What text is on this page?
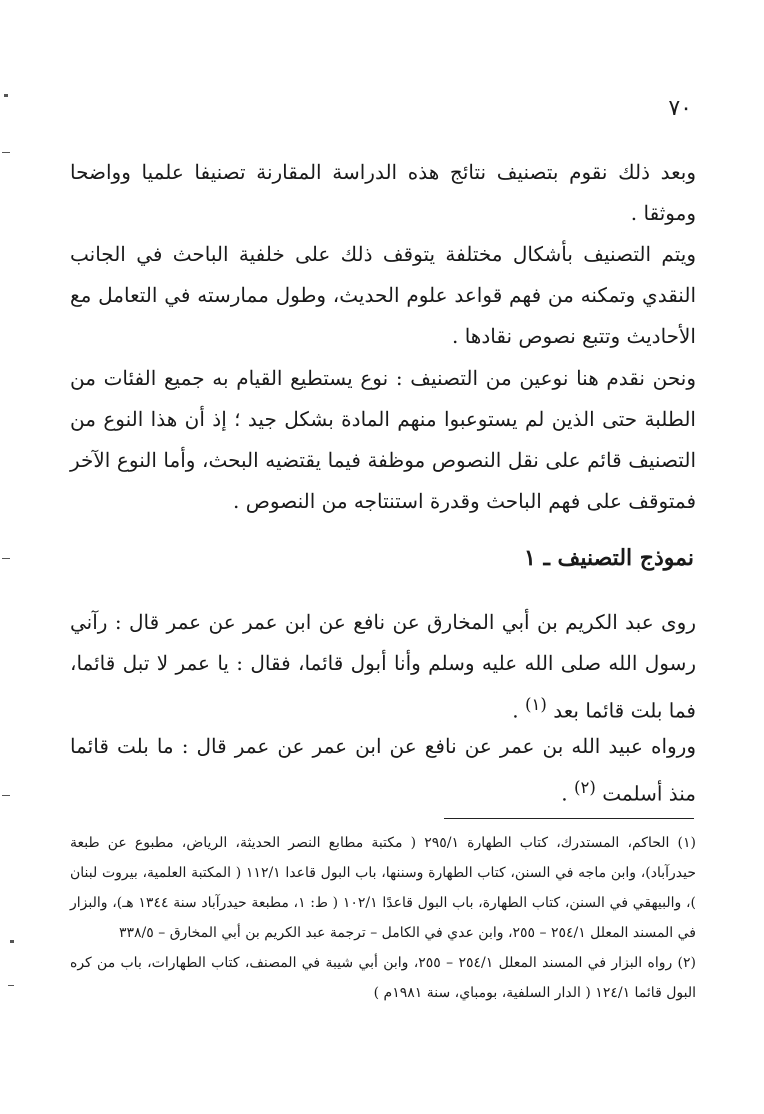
٧٠

وبعد ذلك نقوم بتصنيف نتائج هذه الدراسة المقارنة تصنيفا علميا وواضحا وموثقا .

ويتم التصنيف بأشكال مختلفة يتوقف ذلك على خلفية الباحث في الجانب النقدي وتمكنه من فهم قواعد علوم الحديث، وطول ممارسته في التعامل مع الأحاديث وتتبع نصوص نقادها .

ونحن نقدم هنا نوعين من التصنيف : نوع يستطيع القيام به جميع الفئات من الطلبة حتى الذين لم يستوعبوا منهم المادة بشكل جيد ؛ إذ أن هذا النوع من التصنيف قائم على نقل النصوص موظفة فيما يقتضيه البحث، وأما النوع الآخر فمتوقف على فهم الباحث وقدرة استنتاجه من النصوص .

نموذج التصنيف ـ ١

روى عبد الكريم بن أبي المخارق عن نافع عن ابن عمر عن عمر قال : رآني رسول الله صلى الله عليه وسلم وأنا أبول قائما، فقال : يا عمر لا تبل قائما، فما بلت قائما بعد $^{(١)}$ .

ورواه عبيد الله بن عمر عن نافع عن ابن عمر عن عمر قال : ما بلت قائما منذ أسلمت $^{(٢)}$ .

(١) الحاكم، المستدرك، كتاب الطهارة ٢٩٥/١ ( مكتبة مطابع النصر الحديثة، الرياض، مطبوع عن طبعة حيدرآباد)، وابن ماجه في السنن، كتاب الطهارة وسننها، باب البول قاعدا ١١٢/١ ( المكتبة العلمية، بيروت لبنان )، والبيهقي في السنن، كتاب الطهارة، باب البول قاعدًا ١٠٢/١ ( ط: ١، مطبعة حيدرآباد سنة ١٣٤٤ هـ)، والبزار في المسند المعلل ٢٥٤/١ – ٢٥٥، وابن عدي في الكامل – ترجمة عبد الكريم بن أبي المخارق – ٣٣٨/٥

(٢) رواه البزار في المسند المعلل ٢٥٤/١ – ٢٥٥، وابن أبي شيبة في المصنف، كتاب الطهارات، باب من كره البول قائما ١٢٤/١ ( الدار السلفية، بومباي، سنة ١٩٨١م )
